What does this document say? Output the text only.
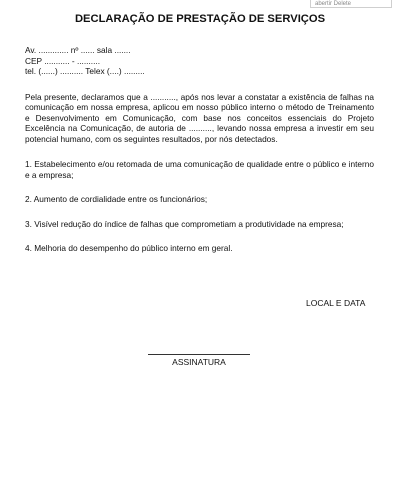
abertir Delete
DECLARAÇÃO DE PRESTAÇÃO DE SERVIÇOS
Av. ............. nº ...... sala .......
CEP ........... - ..........
tel. (......) .......... Telex (....) .........

Pela presente, declaramos que a ..........., após nos levar a constatar a existência de falhas na comunicação em nossa empresa, aplicou em nosso público interno o método de Treinamento e Desenvolvimento em Comunicação, com base nos conceitos essenciais do Projeto Excelência na Comunicação, de autoria de .........., levando nossa empresa a investir em seu potencial humano, com os seguintes resultados, por nós detectados.

1. Estabelecimento e/ou retomada de uma comunicação de qualidade entre o público e interno e a empresa;

2. Aumento de cordialidade entre os funcionários;

3. Visível redução do índice de falhas que comprometiam a produtividade na empresa;

4. Melhoria do desempenho do público interno em geral.

LOCAL E DATA
ASSINATURA
